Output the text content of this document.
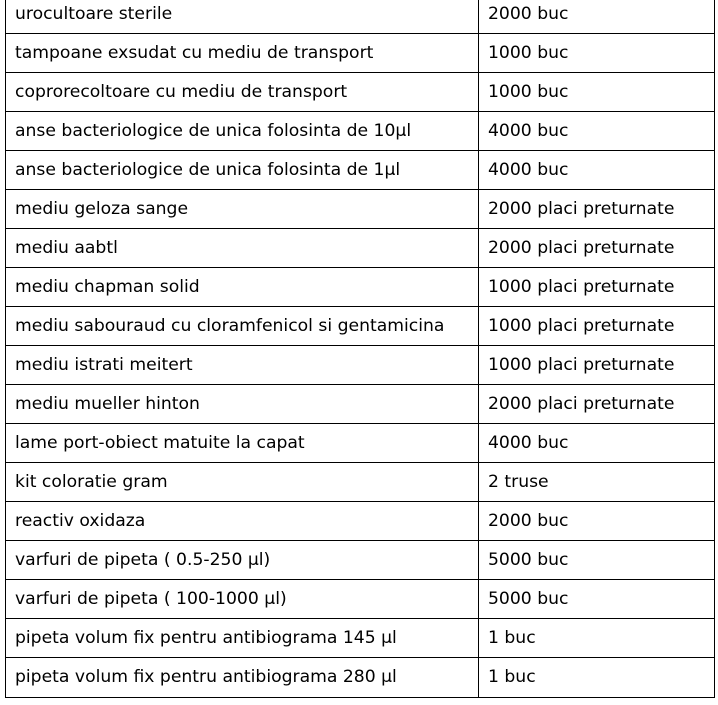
urocultoare sterile	2000 buc
tampoane exsudat cu mediu de transport	1000 buc
coprorecoltoare cu mediu de transport	1000 buc
anse bacteriologice de unica folosinta de 10µl	4000 buc
anse bacteriologice de unica folosinta de 1µl	4000 buc
mediu geloza sange	2000 placi preturnate
mediu aabtl	2000 placi preturnate
mediu chapman solid	1000 placi preturnate
mediu sabouraud cu cloramfenicol si gentamicina	1000 placi preturnate
mediu istrati meitert	1000 placi preturnate
mediu mueller hinton	2000 placi preturnate
lame port-obiect matuite la capat	4000 buc
kit coloratie gram	2 truse
reactiv oxidaza	2000 buc
varfuri de pipeta ( 0.5-250 µl)	5000 buc
varfuri de pipeta ( 100-1000 µl)	5000 buc
pipeta volum fix pentru antibiograma 145 µl	1 buc
pipeta volum fix pentru antibiograma 280 µl	1 buc
